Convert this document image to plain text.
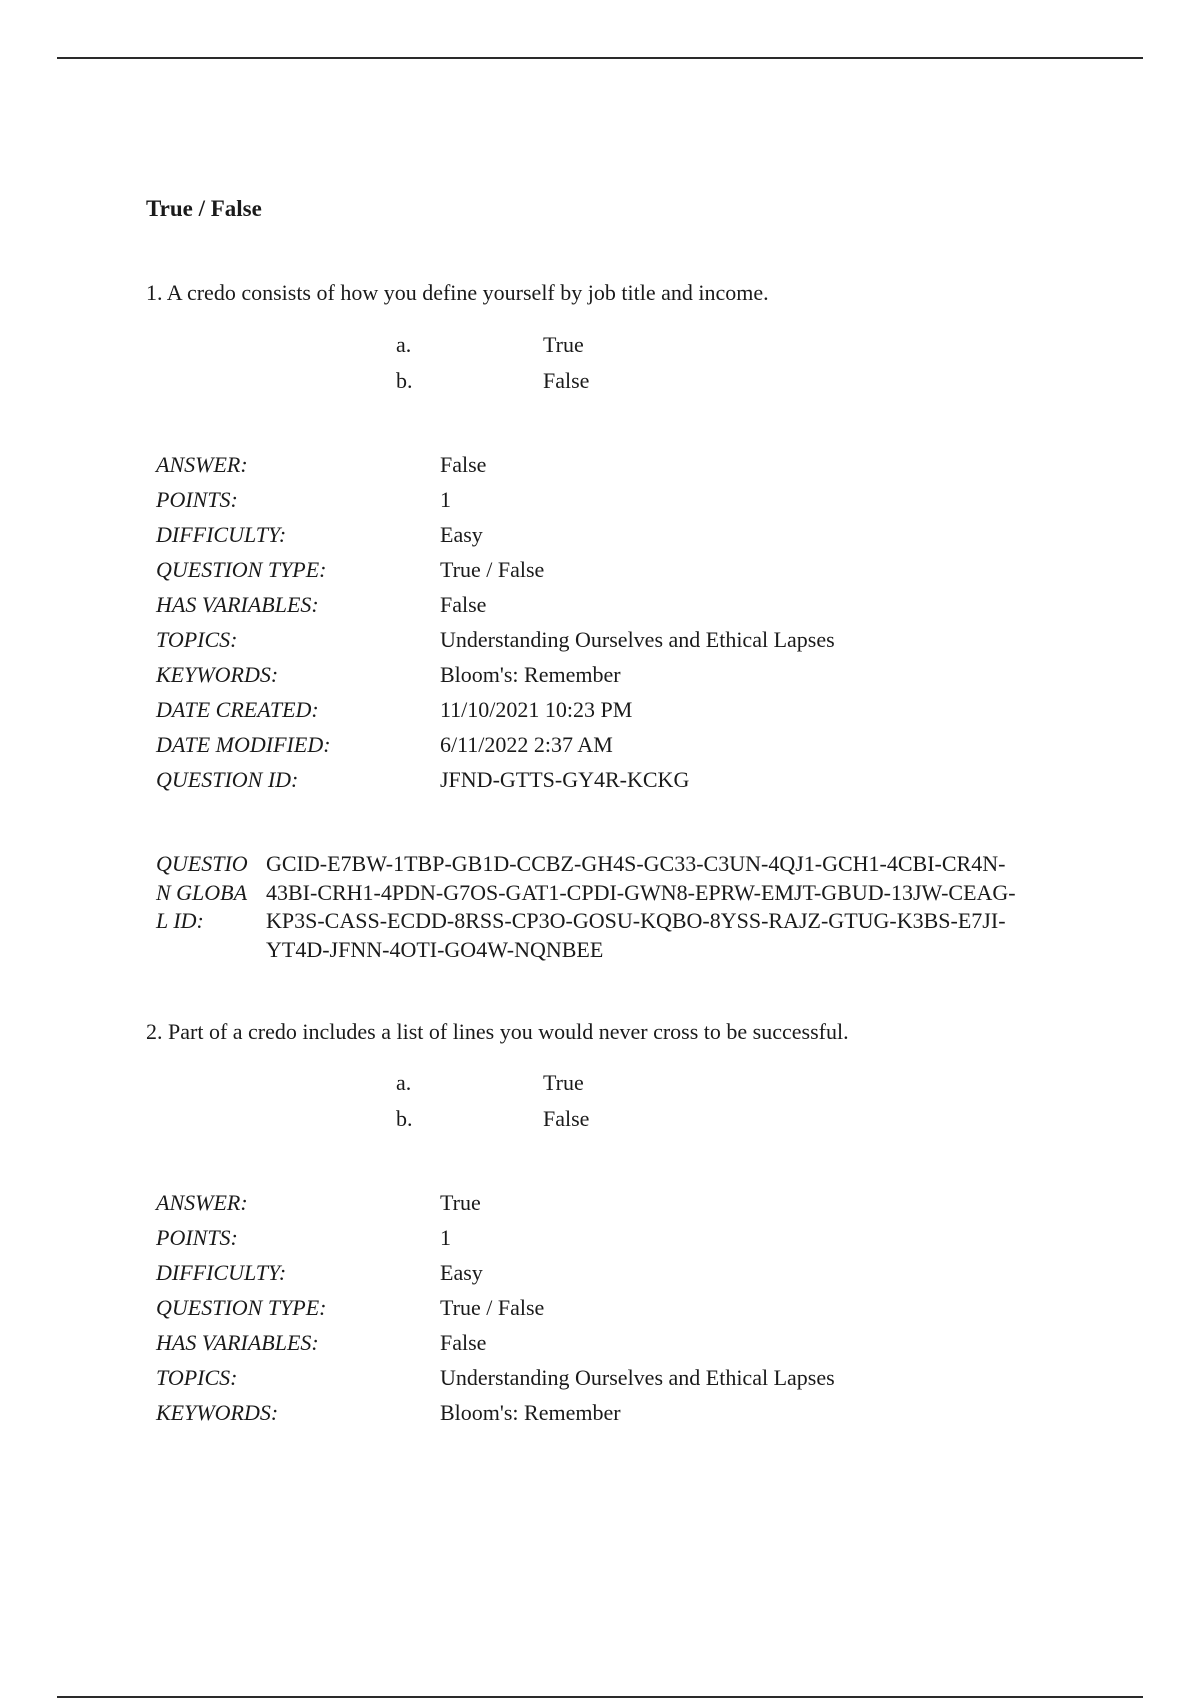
True / False
1. A credo consists of how you define yourself by job title and income.
a.	True
b.	False
ANSWER:	False
POINTS:	1
DIFFICULTY:	Easy
QUESTION TYPE:	True / False
HAS VARIABLES:	False
TOPICS:	Understanding Ourselves and Ethical Lapses
KEYWORDS:	Bloom's: Remember
DATE CREATED:	11/10/2021 10:23 PM
DATE MODIFIED:	6/11/2022 2:37 AM
QUESTION ID:	JFND-GTTS-GY4R-KCKG
QUESTION GLOBAL ID:
GCID-E7BW-1TBP-GB1D-CCBZ-GH4S-GC33-C3UN-4QJ1-GCH1-4CBI-CR4N-43BI-CRH1-4PDN-G7OS-GAT1-CPDI-GWN8-EPRW-EMJT-GBUD-13JW-CEAG-KP3S-CASS-ECDD-8RSS-CP3O-GOSU-KQBO-8YSS-RAJZ-GTUG-K3BS-E7JI-YT4D-JFNN-4OTI-GO4W-NQNBEE
2. Part of a credo includes a list of lines you would never cross to be successful.
a.	True
b.	False
ANSWER:	True
POINTS:	1
DIFFICULTY:	Easy
QUESTION TYPE:	True / False
HAS VARIABLES:	False
TOPICS:	Understanding Ourselves and Ethical Lapses
KEYWORDS:	Bloom's: Remember
